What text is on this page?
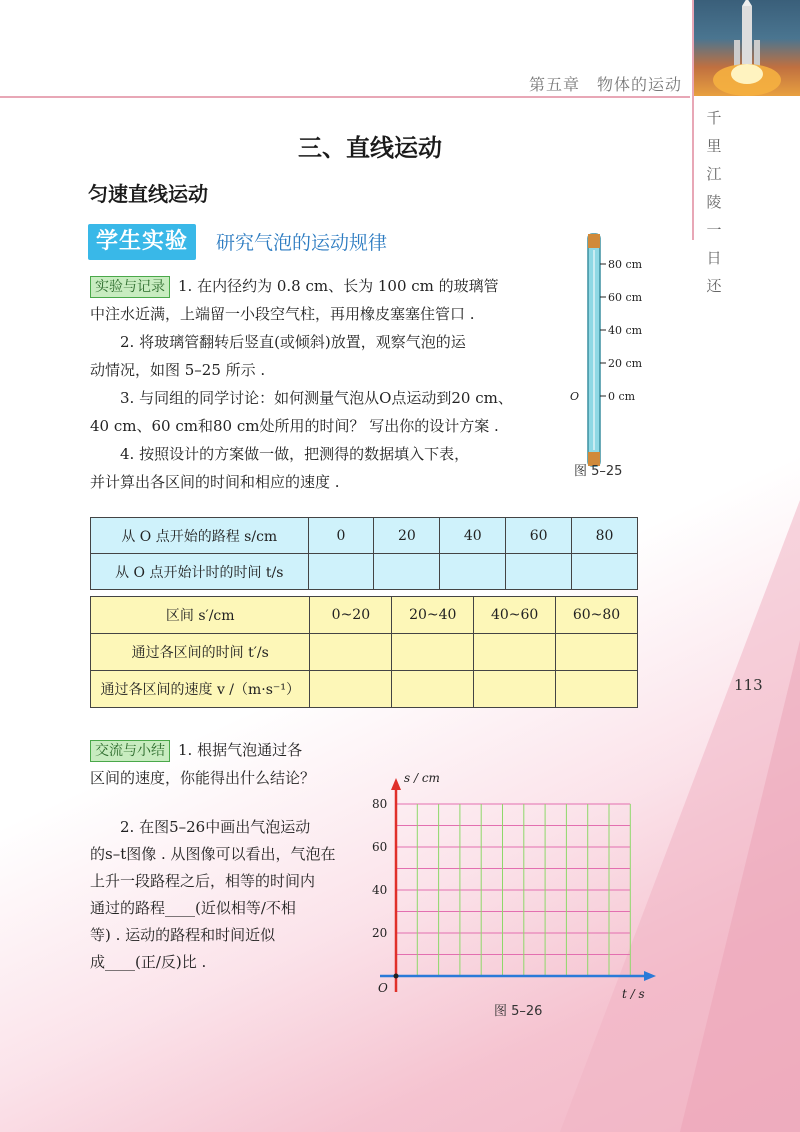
第五章　物体的运动
千
里
江
陵
一
日
还
113
三、直线运动
匀速直线运动
学生实验	研究气泡的运动规律
实验与记录 1. 在内径约为 0.8 cm、长为 100 cm 的玻璃管
中注水近满，上端留一小段空气柱，再用橡皮塞塞住管口 .
2. 将玻璃管翻转后竖直(或倾斜)放置，观察气泡的运
动情况，如图 5–25 所示 .
3. 与同组的同学讨论：如何测量气泡从O点运动到20 cm、
40 cm、60 cm和80 cm处所用的时间？ 写出你的设计方案 .
4. 按照设计的方案做一做，把测得的数据填入下表，
并计算出各区间的时间和相应的速度 .
80 cm
60 cm
40 cm
20 cm
0 cm
O
图 5–25
从 O 点开始的路程 s/cm	0	20	40	60	80
从 O 点开始计时的时间 t/s					
区间 s′/cm	0~20	20~40	40~60	60~80
通过各区间的时间 t′/s				
通过各区间的速度 v /（m·s⁻¹）				
交流与小结 1. 根据气泡通过各
区间的速度，你能得出什么结论？
2. 在图5–26中画出气泡运动
的s–t图像 . 从图像可以看出，气泡在
上升一段路程之后，相等的时间内
通过的路程____(近似相等/不相
等) . 运动的路程和时间近似
成____(正/反)比 .
s / cm
t / s
O
20
40
60
80
图 5–26
